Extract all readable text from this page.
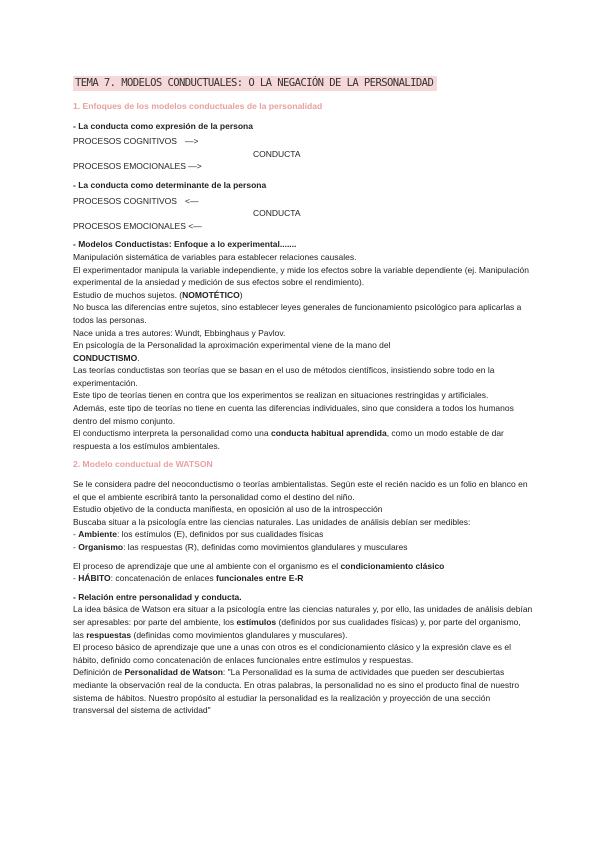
TEMA 7. MODELOS CONDUCTUALES: O LA NEGACIÓN DE LA PERSONALIDAD

1. Enfoques de los modelos conductuales de la personalidad

- La conducta como expresión de la persona

PROCESOS COGNITIVOS —>

CONDUCTA

PROCESOS EMOCIONALES —>

- La conducta como determinante de la persona

PROCESOS COGNITIVOS <—

CONDUCTA

PROCESOS EMOCIONALES <—

- Modelos Conductistas: Enfoque a lo experimental.......

Manipulación sistemática de variables para establecer relaciones causales.

El experimentador manipula la variable independiente, y mide los efectos sobre la variable dependiente (ej. Manipulación experimental de la ansiedad y medición de sus efectos sobre el rendimiento).

Estudio de muchos sujetos. (NOMOTÉTICO)

No busca las diferencias entre sujetos, sino establecer leyes generales de funcionamiento psicológico para aplicarlas a todos las personas.

Nace unida a tres autores: Wundt, Ebbinghaus y Pavlov.

En psicología de la Personalidad la aproximación experimental viene de la mano del

CONDUCTISMO.

Las teorías conductistas son teorías que se basan en el uso de métodos científicos, insistiendo sobre todo en la experimentación.

Este tipo de teorías tienen en contra que los experimentos se realizan en situaciones restringidas y artificiales.

Además, este tipo de teorías no tiene en cuenta las diferencias individuales, sino que considera a todos los humanos dentro del mismo conjunto.

El conductismo interpreta la personalidad como una conducta habitual aprendida, como un modo estable de dar respuesta a los estímulos ambientales.

2. Modelo conductual de WATSON

Se le considera padre del neoconductismo o teorías ambientalistas. Según este el recién nacido es un folio en blanco en el que el ambiente escribirá tanto la personalidad como el destino del niño.

Estudio objetivo de la conducta manifiesta, en oposición al uso de la introspección

Buscaba situar a la psicología entre las ciencias naturales. Las unidades de análisis debían ser medibles:

- Ambiente: los estímulos (E), definidos por sus cualidades físicas

- Organismo: las respuestas (R), definidas como movimientos glandulares y musculares

El proceso de aprendizaje que une al ambiente con el organismo es el condicionamiento clásico

- HÁBITO: concatenación de enlaces funcionales entre E-R

- Relación entre personalidad y conducta.

La idea básica de Watson era situar a la psicología entre las ciencias naturales y, por ello, las unidades de análisis debían ser apresables: por parte del ambiente, los estímulos (definidos por sus cualidades físicas) y, por parte del organismo, las respuestas (definidas como movimientos glandulares y musculares).

El proceso básico de aprendizaje que une a unas con otros es el condicionamiento clásico y la expresión clave es el hábito, definido como concatenación de enlaces funcionales entre estímulos y respuestas.

Definición de Personalidad de Watson: "La Personalidad es la suma de actividades que pueden ser descubiertas mediante la observación real de la conducta. En otras palabras, la personalidad no es sino el producto final de nuestro sistema de hábitos. Nuestro propósito al estudiar la personalidad es la realización y proyección de una sección transversal del sistema de actividad"
